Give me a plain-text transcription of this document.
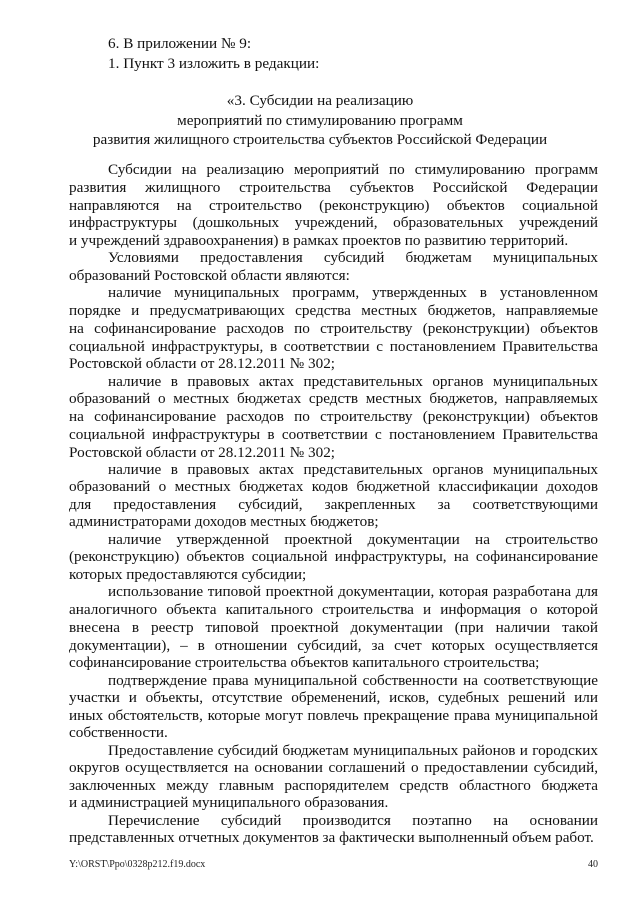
6. В приложении № 9:
1. Пункт 3 изложить в редакции:
«3. Субсидии на реализацию
мероприятий по стимулированию программ
развития жилищного строительства субъектов Российской Федерации
Субсидии на реализацию мероприятий по стимулированию программ
развития жилищного строительства субъектов Российской Федерации
направляются на строительство (реконструкцию) объектов социальной
инфраструктуры (дошкольных учреждений, образовательных учреждений
и учреждений здравоохранения) в рамках проектов по развитию территорий.
Условиями предоставления субсидий бюджетам муниципальных
образований Ростовской области являются:
наличие муниципальных программ, утвержденных в установленном
порядке и предусматривающих средства местных бюджетов, направляемые
на софинансирование расходов по строительству (реконструкции) объектов
социальной инфраструктуры, в соответствии с постановлением Правительства
Ростовской области от 28.12.2011 № 302;
наличие в правовых актах представительных органов муниципальных
образований о местных бюджетах средств местных бюджетов, направляемых
на софинансирование расходов по строительству (реконструкции) объектов
социальной инфраструктуры в соответствии с постановлением Правительства
Ростовской области от 28.12.2011 № 302;
наличие в правовых актах представительных органов муниципальных
образований о местных бюджетах кодов бюджетной классификации доходов
для предоставления субсидий, закрепленных за соответствующими
администраторами доходов местных бюджетов;
наличие утвержденной проектной документации на строительство
(реконструкцию) объектов социальной инфраструктуры, на софинансирование
которых предоставляются субсидии;
использование типовой проектной документации, которая разработана для
аналогичного объекта капитального строительства и информация о которой
внесена в реестр типовой проектной документации (при наличии такой
документации), – в отношении субсидий, за счет которых осуществляется
софинансирование строительства объектов капитального строительства;
подтверждение права муниципальной собственности на соответствующие
участки и объекты, отсутствие обременений, исков, судебных решений или
иных обстоятельств, которые могут повлечь прекращение права муниципальной
собственности.
Предоставление субсидий бюджетам муниципальных районов и городских
округов осуществляется на основании соглашений о предоставлении субсидий,
заключенных между главным распорядителем средств областного бюджета
и администрацией муниципального образования.
Перечисление субсидий производится поэтапно на основании
представленных отчетных документов за фактически выполненный объем работ.
Y:\ORST\Ppo\0328p212.f19.docx	40
